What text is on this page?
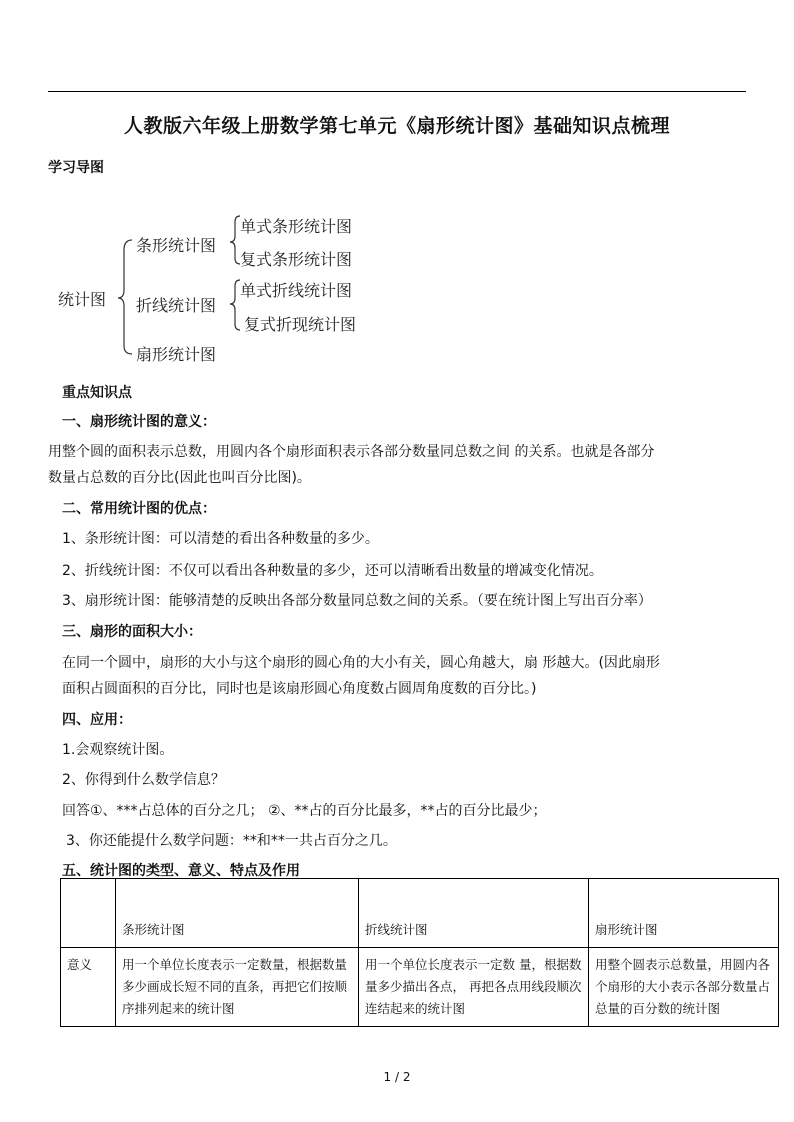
人教版六年级上册数学第七单元《扇形统计图》基础知识点梳理
学习导图
统计图
条形统计图
单式条形统计图
复式条形统计图
折线统计图
单式折线统计图
复式折现统计图
扇形统计图
重点知识点
一、扇形统计图的意义：
用整个圆的面积表示总数，用圆内各个扇形面积表示各部分数量同总数之间 的关系。也就是各部分
数量占总数的百分比(因此也叫百分比图)。
二、常用统计图的优点：
1、条形统计图：可以清楚的看出各种数量的多少。
2、折线统计图：不仅可以看出各种数量的多少，还可以清晰看出数量的增减变化情况。
3、扇形统计图：能够清楚的反映出各部分数量同总数之间的关系。（要在统计图上写出百分率）
三、扇形的面积大小：
在同一个圆中，扇形的大小与这个扇形的圆心角的大小有关，圆心角越大，扇 形越大。(因此扇形
面积占圆面积的百分比，同时也是该扇形圆心角度数占圆周角度数的百分比。)
四、应用：
1.会观察统计图。
2、你得到什么数学信息？
回答①、***占总体的百分之几； ②、**占的百分比最多，**占的百分比最少；
3、你还能提什么数学问题：**和**一共占百分之几。
五、统计图的类型、意义、特点及作用
	条形统计图	折线统计图	扇形统计图
意义	用一个单位长度表示一定数量，根据数量多少画成长短不同的直条，再把它们按顺序排列起来的统计图	用一个单位长度表示一定数 量，根据数量多少描出各点， 再把各点用线段顺次连结起来的统计图	用整个圆表示总数量，用圆内各个扇形的大小表示各部分数量占总量的百分数的统计图
1 / 2
